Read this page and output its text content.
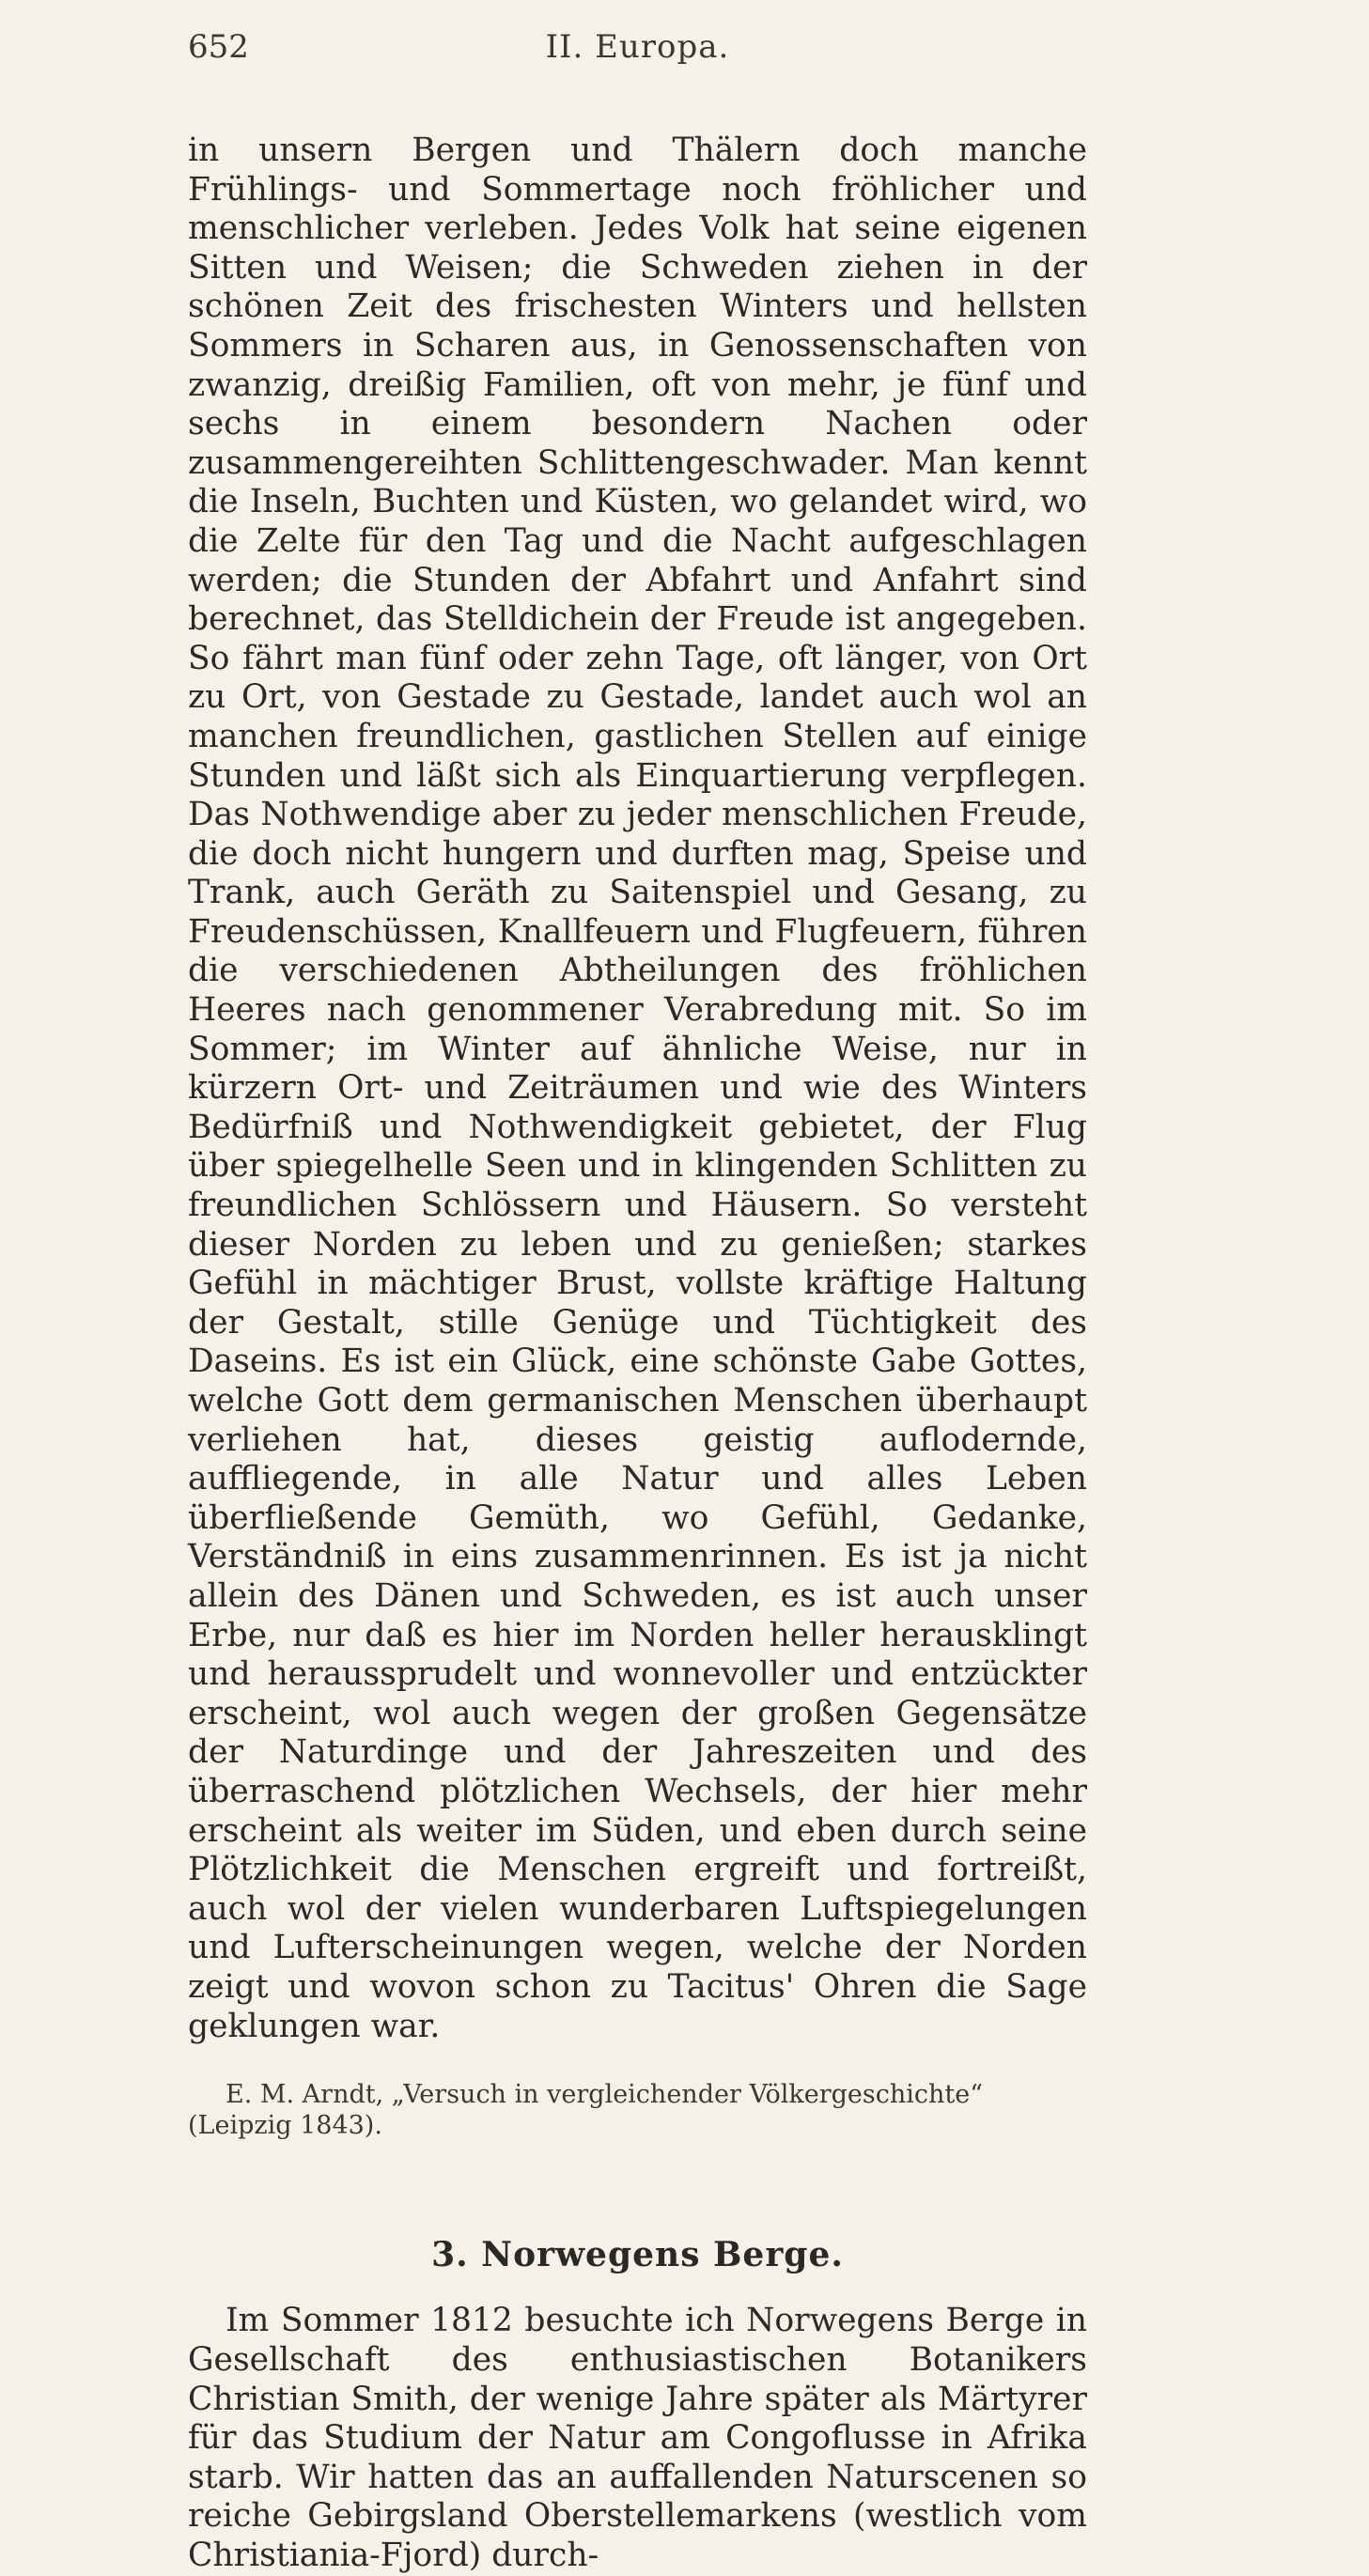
652	II. Europa.

in unsern Bergen und Thälern doch manche Frühlings- und Sommertage noch fröhlicher und menschlicher verleben. Jedes Volk hat seine eigenen Sitten und Weisen; die Schweden ziehen in der schönen Zeit des frischesten Winters und hellsten Sommers in Scharen aus, in Genossenschaften von zwanzig, dreißig Familien, oft von mehr, je fünf und sechs in einem besondern Nachen oder zusammengereihten Schlittengeschwader. Man kennt die Inseln, Buchten und Küsten, wo gelandet wird, wo die Zelte für den Tag und die Nacht aufgeschlagen werden; die Stunden der Abfahrt und Anfahrt sind berechnet, das Stelldichein der Freude ist angegeben. So fährt man fünf oder zehn Tage, oft länger, von Ort zu Ort, von Gestade zu Gestade, landet auch wol an manchen freundlichen, gastlichen Stellen auf einige Stunden und läßt sich als Einquartierung verpflegen. Das Nothwendige aber zu jeder menschlichen Freude, die doch nicht hungern und durften mag, Speise und Trank, auch Geräth zu Saitenspiel und Gesang, zu Freudenschüssen, Knallfeuern und Flugfeuern, führen die verschiedenen Abtheilungen des fröhlichen Heeres nach genommener Verabredung mit. So im Sommer; im Winter auf ähnliche Weise, nur in kürzern Ort- und Zeiträumen und wie des Winters Bedürfniß und Nothwendigkeit gebietet, der Flug über spiegelhelle Seen und in klingenden Schlitten zu freundlichen Schlössern und Häusern. So versteht dieser Norden zu leben und zu genießen; starkes Gefühl in mächtiger Brust, vollste kräftige Haltung der Gestalt, stille Genüge und Tüchtigkeit des Daseins. Es ist ein Glück, eine schönste Gabe Gottes, welche Gott dem germanischen Menschen überhaupt verliehen hat, dieses geistig auflodernde, auffliegende, in alle Natur und alles Leben überfließende Gemüth, wo Gefühl, Gedanke, Verständniß in eins zusammenrinnen. Es ist ja nicht allein des Dänen und Schweden, es ist auch unser Erbe, nur daß es hier im Norden heller herausklingt und heraussprudelt und wonnevoller und entzückter erscheint, wol auch wegen der großen Gegensätze der Naturdinge und der Jahreszeiten und des überraschend plötzlichen Wechsels, der hier mehr erscheint als weiter im Süden, und eben durch seine Plötzlichkeit die Menschen ergreift und fortreißt, auch wol der vielen wunderbaren Luftspiegelungen und Lufterscheinungen wegen, welche der Norden zeigt und wovon schon zu Tacitus' Ohren die Sage geklungen war.

E. M. Arndt, „Versuch in vergleichender Völkergeschichte“ (Leipzig 1843).

3. Norwegens Berge.

Im Sommer 1812 besuchte ich Norwegens Berge in Gesellschaft des enthusiastischen Botanikers Christian Smith, der wenige Jahre später als Märtyrer für das Studium der Natur am Congoflusse in Afrika starb. Wir hatten das an auffallenden Naturscenen so reiche Gebirgsland Oberstellemarkens (westlich vom Christiania-Fjord) durch-
